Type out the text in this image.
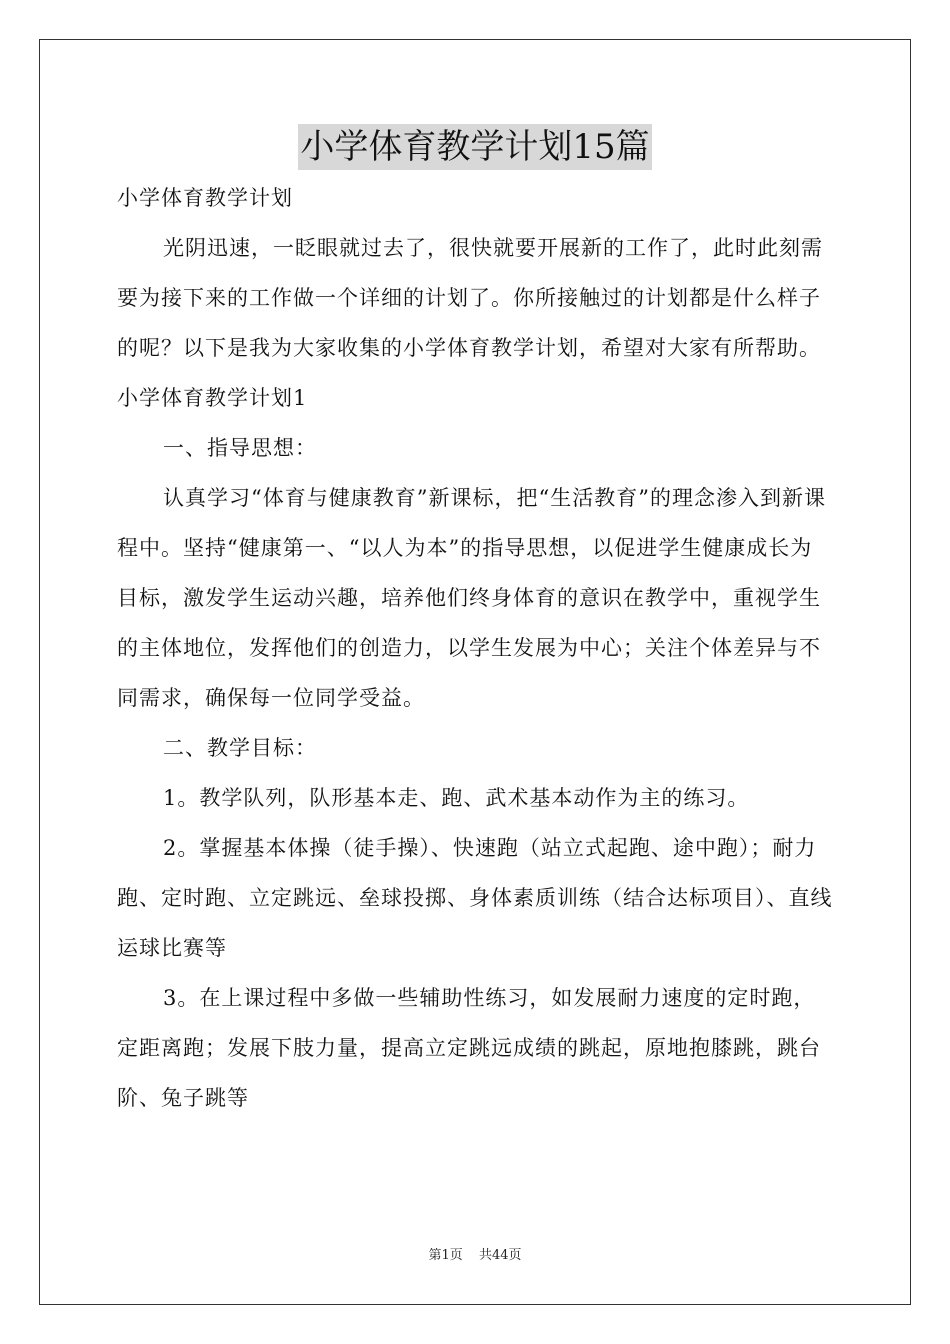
小学体育教学计划15篇

小学体育教学计划

光阴迅速，一眨眼就过去了，很快就要开展新的工作了，此时此刻需要为接下来的工作做一个详细的计划了。你所接触过的计划都是什么样子的呢？以下是我为大家收集的小学体育教学计划，希望对大家有所帮助。

小学体育教学计划1

一、指导思想：

认真学习“体育与健康教育”新课标，把“生活教育”的理念渗入到新课程中。坚持“健康第一、“以人为本”的指导思想，以促进学生健康成长为目标，激发学生运动兴趣，培养他们终身体育的意识在教学中，重视学生的主体地位，发挥他们的创造力，以学生发展为中心；关注个体差异与不同需求，确保每一位同学受益。

二、教学目标：

1。教学队列，队形基本走、跑、武术基本动作为主的练习。

2。掌握基本体操（徒手操）、快速跑（站立式起跑、途中跑）；耐力跑、定时跑、立定跳远、垒球投掷、身体素质训练（结合达标项目）、直线运球比赛等

3。在上课过程中多做一些辅助性练习，如发展耐力速度的定时跑，定距离跑；发展下肢力量，提高立定跳远成绩的跳起，原地抱膝跳，跳台阶、兔子跳等

第1页 共44页
